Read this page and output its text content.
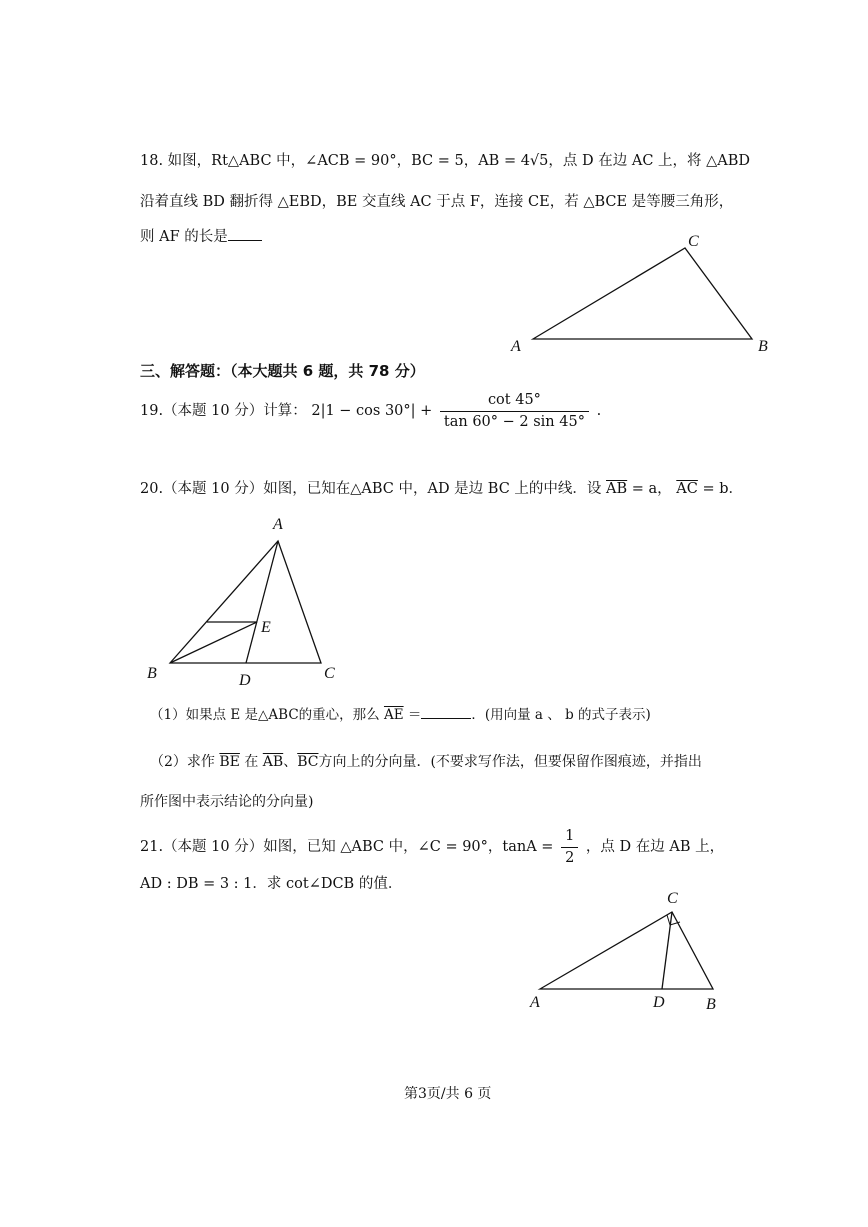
18. 如图，Rt△ABC 中，∠ACB = 90°，BC = 5，AB = 4√5，点 D 在边 AC 上，将 △ABD
沿着直线 BD 翻折得 △EBD，BE 交直线 AC 于点 F，连接 CE，若 △BCE 是等腰三角形，
则 AF 的长是	C
A	B
三、解答题：（本大题共 6 题，共 78 分）
19.（本题 10 分）计算： $2|1 - \cos 30^\circ| + \frac{\cot 45^\circ}{\tan 60^\circ - 2 \sin 45^\circ}$ .
20.（本题 10 分）如图，已知在△ABC 中，AD 是边 BC 上的中线．设 $\overline{AB} = a$， $\overline{AC} = b$．
A
E
B	D	C
（1）如果点 E 是△ABC的重心，那么 $\overline{AE}$ ＝	．(用向量 a 、 b 的式子表示)
（2）求作 $\overline{BE}$ 在 $\overline{AB}$、$\overline{BC}$方向上的分向量．(不要求写作法，但要保留作图痕迹，并指出
所作图中表示结论的分向量)
21.（本题 10 分）如图，已知 △ABC 中，∠C = 90°，$\tan A = \frac{1}{2}$ ，点 D 在边 AB 上，
AD : DB = 3 : 1．求 cot∠DCB 的值．
C
A	D	B
第3页/共 6 页
